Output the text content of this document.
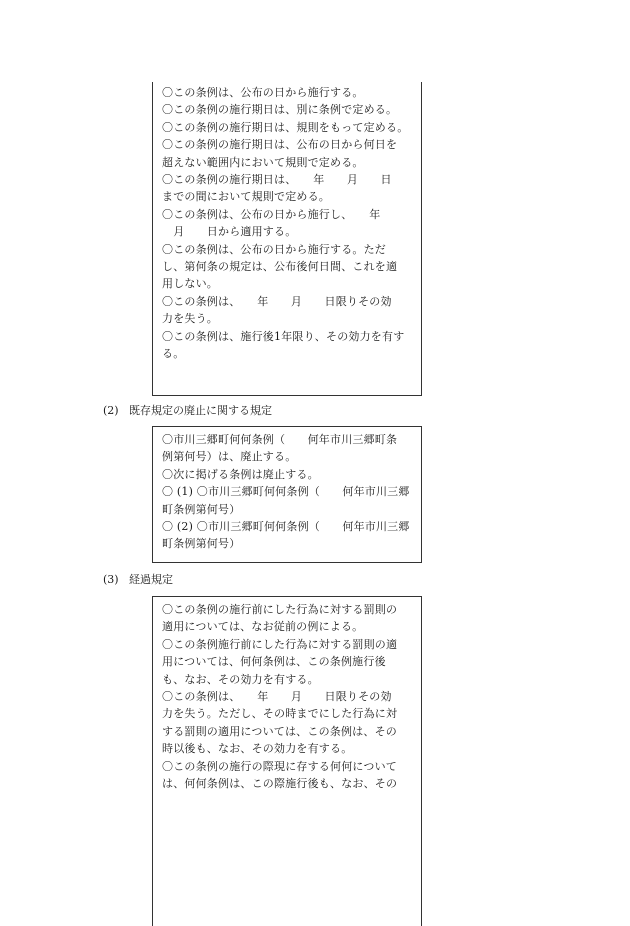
〇この条例は、公布の日から施行する。

〇この条例の施行期日は、別に条例で定める。

〇この条例の施行期日は、規則をもって定める。

〇この条例の施行期日は、公布の日から何日を

超えない範囲内において規則で定める。

〇この条例の施行期日は、　　年　　月　　日

までの間において規則で定める。

〇この条例は、公布の日から施行し、　　年

　月　　日から適用する。

〇この条例は、公布の日から施行する。ただ

し、第何条の規定は、公布後何日間、これを適

用しない。

〇この条例は、　　年　　月　　日限りその効

力を失う。

〇この条例は、施行後1年限り、その効力を有す

る。

(2) 既存規定の廃止に関する規定

〇市川三郷町何何条例（　　何年市川三郷町条

例第何号）は、廃止する。

〇次に掲げる条例は廃止する。

〇 (1) 〇市川三郷町何何条例（　　何年市川三郷

町条例第何号）

〇 (2) 〇市川三郷町何何条例（　　何年市川三郷

町条例第何号）

(3) 経過規定

〇この条例の施行前にした行為に対する罰則の

適用については、なお従前の例による。

〇この条例施行前にした行為に対する罰則の適

用については、何何条例は、この条例施行後

も、なお、その効力を有する。

〇この条例は、　　年　　月　　日限りその効

力を失う。ただし、その時までにした行為に対

する罰則の適用については、この条例は、その

時以後も、なお、その効力を有する。

〇この条例の施行の際現に存する何何について

は、何何条例は、この際施行後も、なお、その
